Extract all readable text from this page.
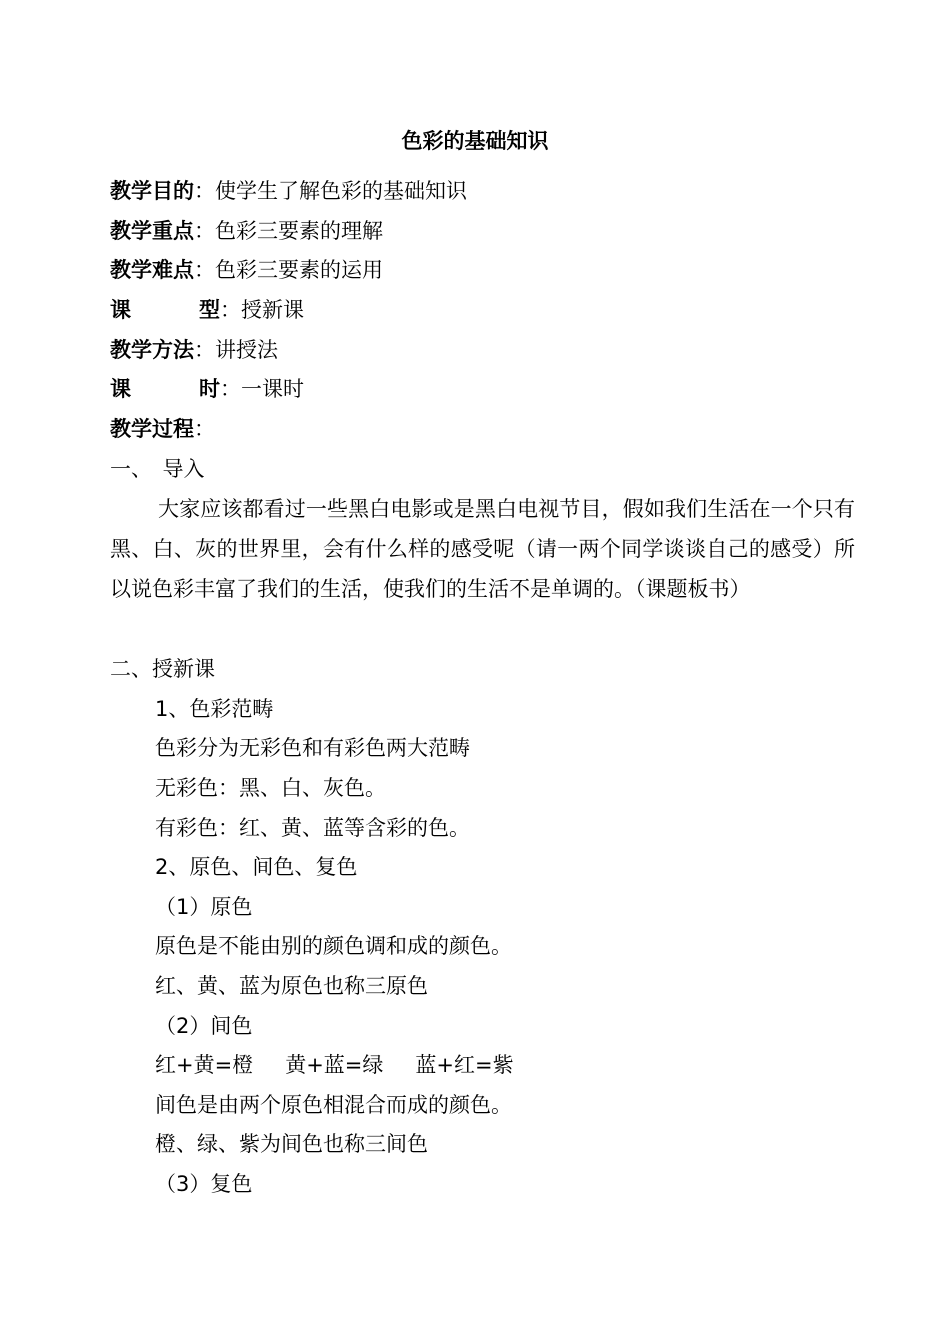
色彩的基础知识
教学目的：使学生了解色彩的基础知识
教学重点：色彩三要素的理解
教学难点：色彩三要素的运用
课	型 ：授新课
教学方法：讲授法
课	时 ：一课时
教学过程：
一、　导入
大家应该都看过一些黑白电影或是黑白电视节目，假如我们生活在一个只有黑、白、灰的世界里，会有什么样的感受呢（请一两个同学谈谈自己的感受）所以说色彩丰富了我们的生活，使我们的生活不是单调的。（课题板书）
二、授新课
1、色彩范畴
色彩分为无彩色和有彩色两大范畴
无彩色：黑、白、灰色。
有彩色：红、黄、蓝等含彩的色。
2、原色、间色、复色
（1）原色
原色是不能由别的颜色调和成的颜色。
红、黄、蓝为原色也称三原色
（2）间色
红+黄=橙 黄+蓝=绿 蓝+红=紫
间色是由两个原色相混合而成的颜色。
橙、绿、紫为间色也称三间色
（3）复色
